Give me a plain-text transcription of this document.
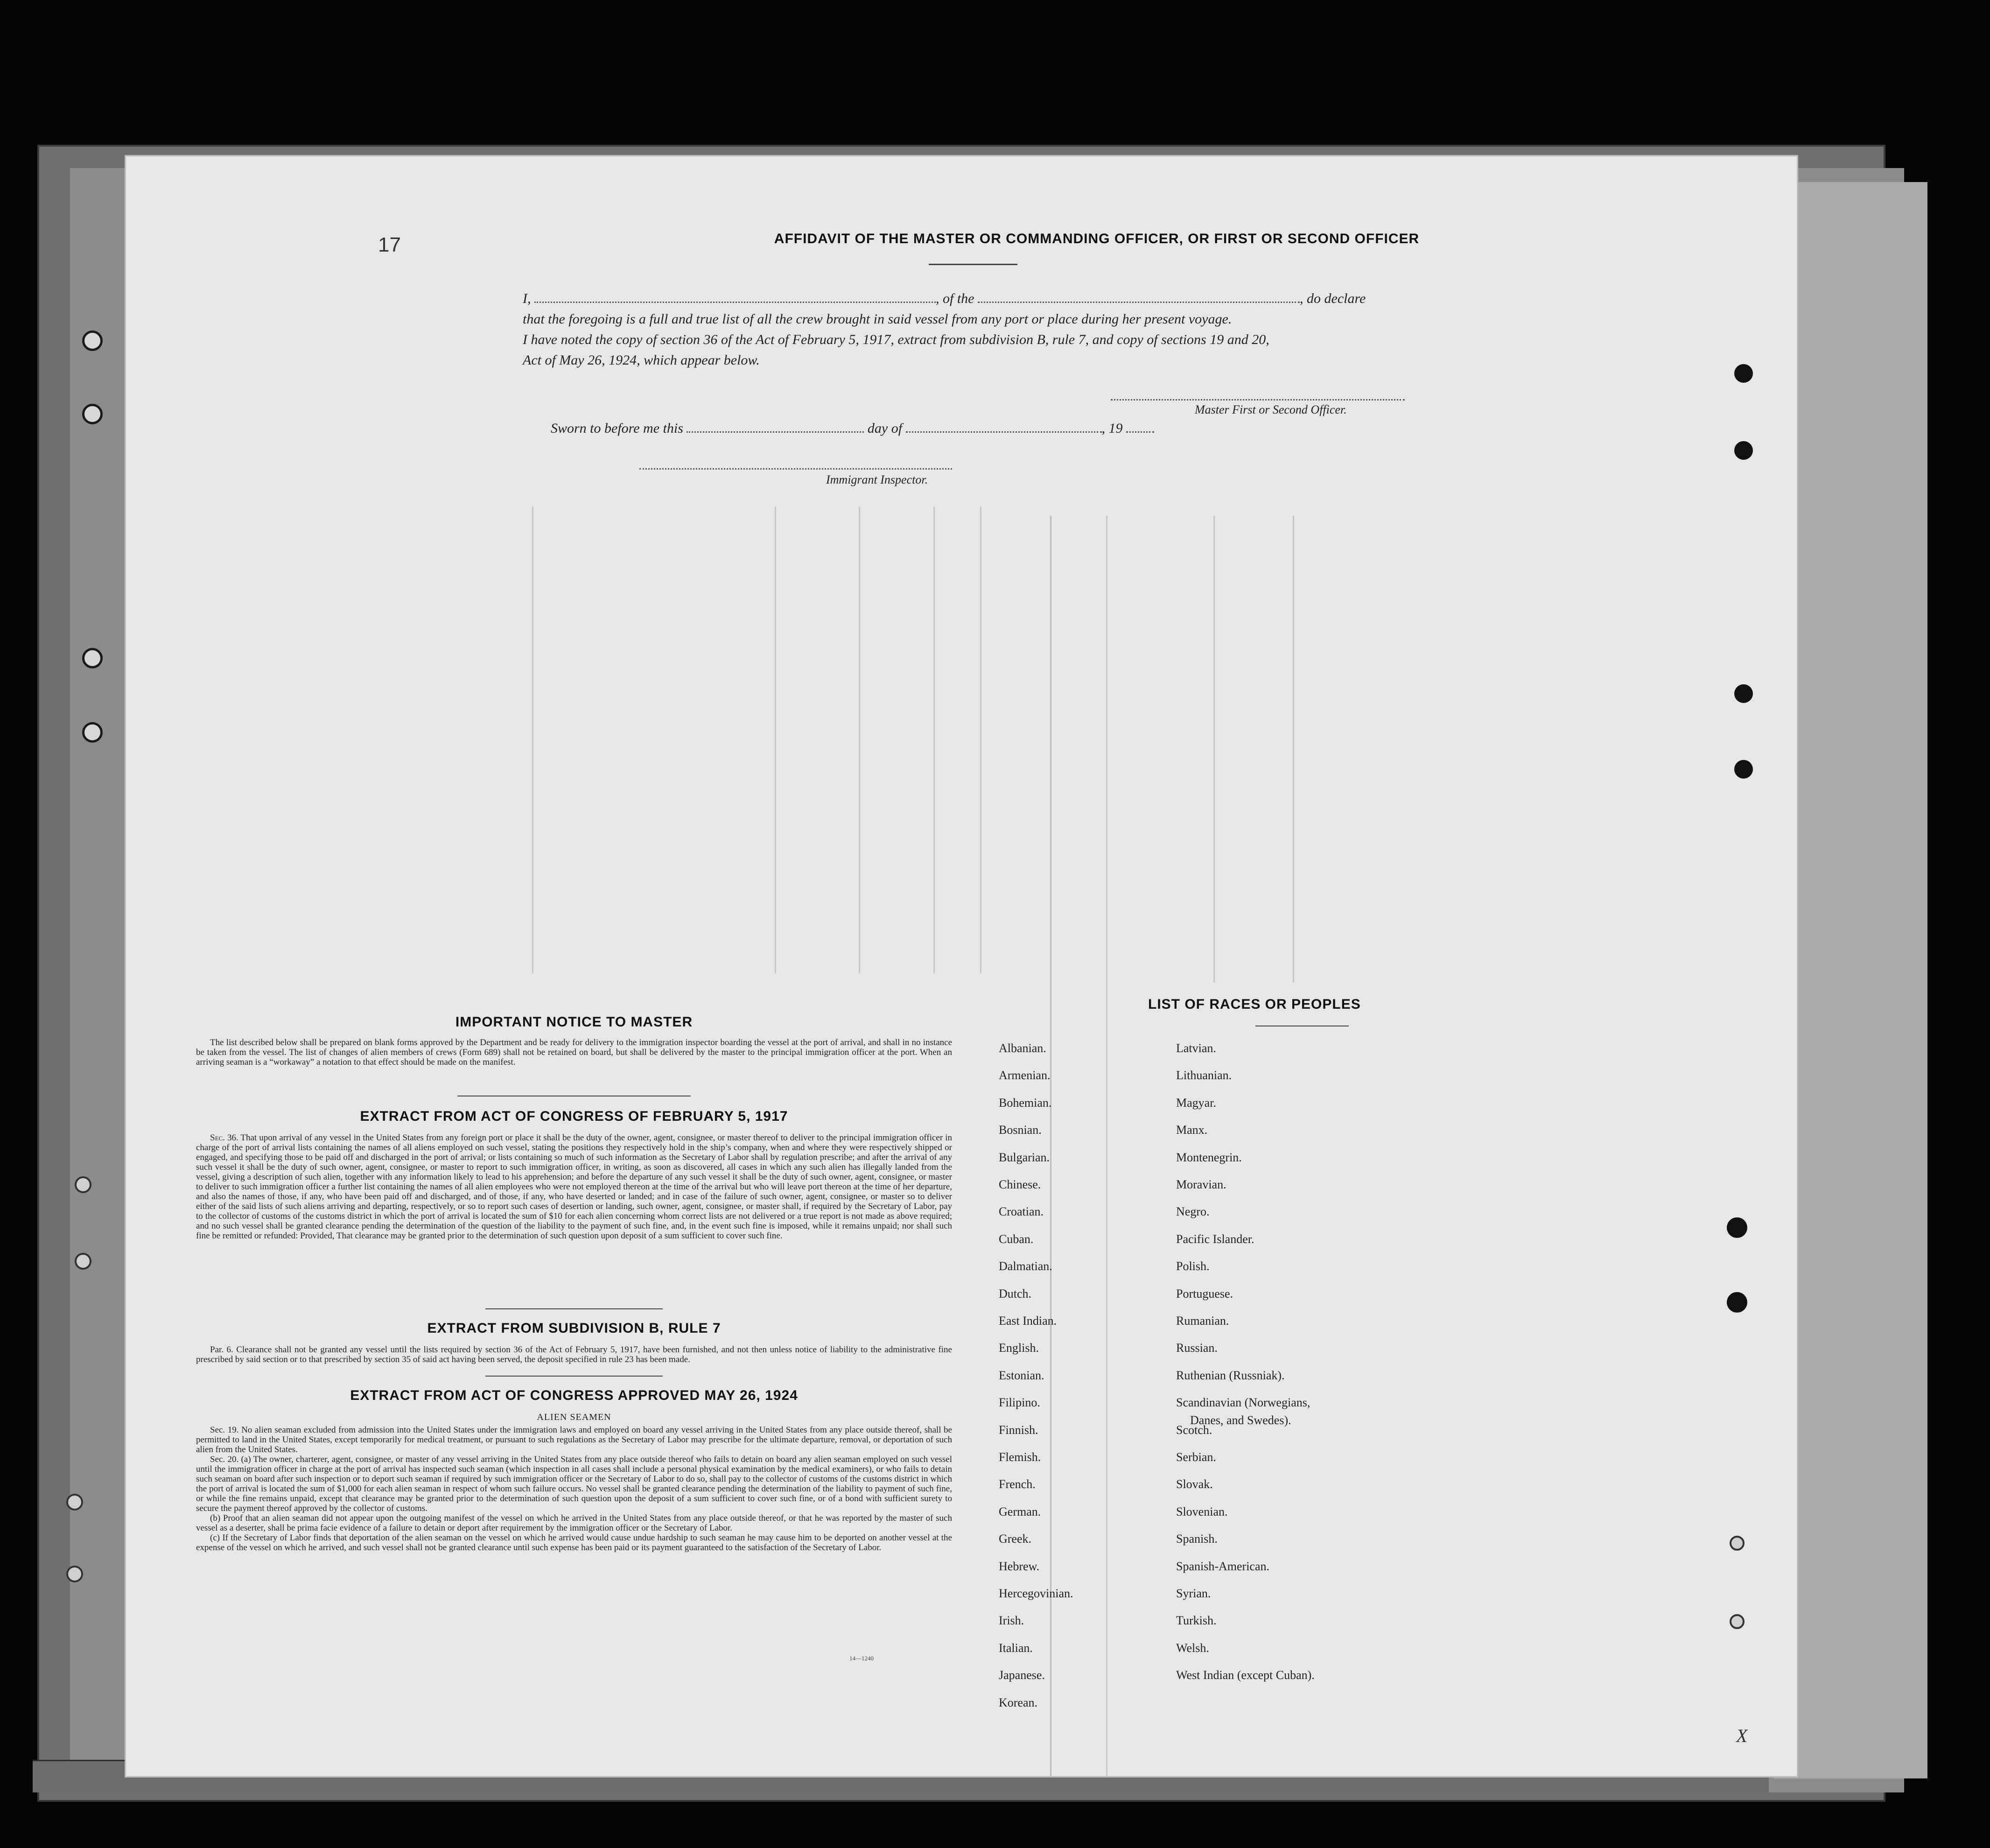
17	AFFIDAVIT OF THE MASTER OR COMMANDING OFFICER, OR FIRST OR SECOND OFFICER
I,	, of the	, do declare
that the foregoing is a full and true list of all the crew brought in said vessel from any port or place during her present voyage.
I have noted the copy of section 36 of the Act of February 5, 1917, extract from subdivision B, rule 7, and copy of sections 19 and 20,
Act of May 26, 1924, which appear below.
Master First or Second Officer.
Sworn to before me this	day of	, 19
Immigrant Inspector.
IMPORTANT NOTICE TO MASTER

The list described below shall be prepared on blank forms approved by the Department and be ready for delivery to the immigration inspector boarding the vessel at the port of arrival, and shall in no instance be taken from the vessel. The list of changes of alien members of crews (Form 689) shall not be retained on board, but shall be delivered by the master to the principal immigration officer at the port. When an arriving seaman is a “workaway” a notation to that effect should be made on the manifest.

EXTRACT FROM ACT OF CONGRESS OF FEBRUARY 5, 1917

Sec. 36. That upon arrival of any vessel in the United States from any foreign port or place it shall be the duty of the owner, agent, consignee, or master thereof to deliver to the principal immigration officer in charge of the port of arrival lists containing the names of all aliens employed on such vessel, stating the positions they respectively hold in the ship’s company, when and where they were respectively shipped or engaged, and specifying those to be paid off and discharged in the port of arrival; or lists containing so much of such information as the Secretary of Labor shall by regulation prescribe; and after the arrival of any such vessel it shall be the duty of such owner, agent, consignee, or master to report to such immigration officer, in writing, as soon as discovered, all cases in which any such alien has illegally landed from the vessel, giving a description of such alien, together with any information likely to lead to his apprehension; and before the departure of any such vessel it shall be the duty of such owner, agent, consignee, or master to deliver to such immigration officer a further list containing the names of all alien employees who were not employed thereon at the time of the arrival but who will leave port thereon at the time of her departure, and also the names of those, if any, who have been paid off and discharged, and of those, if any, who have deserted or landed; and in case of the failure of such owner, agent, consignee, or master so to deliver either of the said lists of such aliens arriving and departing, respectively, or so to report such cases of desertion or landing, such owner, agent, consignee, or master shall, if required by the Secretary of Labor, pay to the collector of customs of the customs district in which the port of arrival is located the sum of $10 for each alien concerning whom correct lists are not delivered or a true report is not made as above required; and no such vessel shall be granted clearance pending the determination of the question of the liability to the payment of such fine, and, in the event such fine is imposed, while it remains unpaid; nor shall such fine be remitted or refunded: Provided, That clearance may be granted prior to the determination of such question upon deposit of a sum sufficient to cover such fine.

EXTRACT FROM SUBDIVISION B, RULE 7

Par. 6. Clearance shall not be granted any vessel until the lists required by section 36 of the Act of February 5, 1917, have been furnished, and not then unless notice of liability to the administrative fine prescribed by said section or to that prescribed by section 35 of said act having been served, the deposit specified in rule 23 has been made.

EXTRACT FROM ACT OF CONGRESS APPROVED MAY 26, 1924
ALIEN SEAMEN

Sec. 19. No alien seaman excluded from admission into the United States under the immigration laws and employed on board any vessel arriving in the United States from any place outside thereof, shall be permitted to land in the United States, except temporarily for medical treatment, or pursuant to such regulations as the Secretary of Labor may prescribe for the ultimate departure, removal, or deportation of such alien from the United States.

Sec. 20. (a) The owner, charterer, agent, consignee, or master of any vessel arriving in the United States from any place outside thereof who fails to detain on board any alien seaman employed on such vessel until the immigration officer in charge at the port of arrival has inspected such seaman (which inspection in all cases shall include a personal physical examination by the medical examiners), or who fails to detain such seaman on board after such inspection or to deport such seaman if required by such immigration officer or the Secretary of Labor to do so, shall pay to the collector of customs of the customs district in which the port of arrival is located the sum of $1,000 for each alien seaman in respect of whom such failure occurs. No vessel shall be granted clearance pending the determination of the liability to payment of such fine, or while the fine remains unpaid, except that clearance may be granted prior to the determination of such question upon the deposit of a sum sufficient to cover such fine, or of a bond with sufficient surety to secure the payment thereof approved by the collector of customs.

(b) Proof that an alien seaman did not appear upon the outgoing manifest of the vessel on which he arrived in the United States from any place outside thereof, or that he was reported by the master of such vessel as a deserter, shall be prima facie evidence of a failure to detain or deport after requirement by the immigration officer or the Secretary of Labor.

(c) If the Secretary of Labor finds that deportation of the alien seaman on the vessel on which he arrived would cause undue hardship to such seaman he may cause him to be deported on another vessel at the expense of the vessel on which he arrived, and such vessel shall not be granted clearance until such expense has been paid or its payment guaranteed to the satisfaction of the Secretary of Labor.

14—1240
LIST OF RACES OR PEOPLES
Albanian.
Armenian.
Bohemian.
Bosnian.
Bulgarian.
Chinese.
Croatian.
Cuban.
Dalmatian.
Dutch.
East Indian.
English.
Estonian.
Filipino.
Finnish.
Flemish.
French.
German.
Greek.
Hebrew.
Hercegovinian.
Irish.
Italian.
Japanese.
Korean.
Latvian.
Lithuanian.
Magyar.
Manx.
Montenegrin.
Moravian.
Negro.
Pacific Islander.
Polish.
Portuguese.
Rumanian.
Russian.
Ruthenian (Russniak).
Scandinavian (Norwegians,
Danes, and Swedes).
Scotch.
Serbian.
Slovak.
Slovenian.
Spanish.
Spanish-American.
Syrian.
Turkish.
Welsh.
West Indian (except Cuban).
X
